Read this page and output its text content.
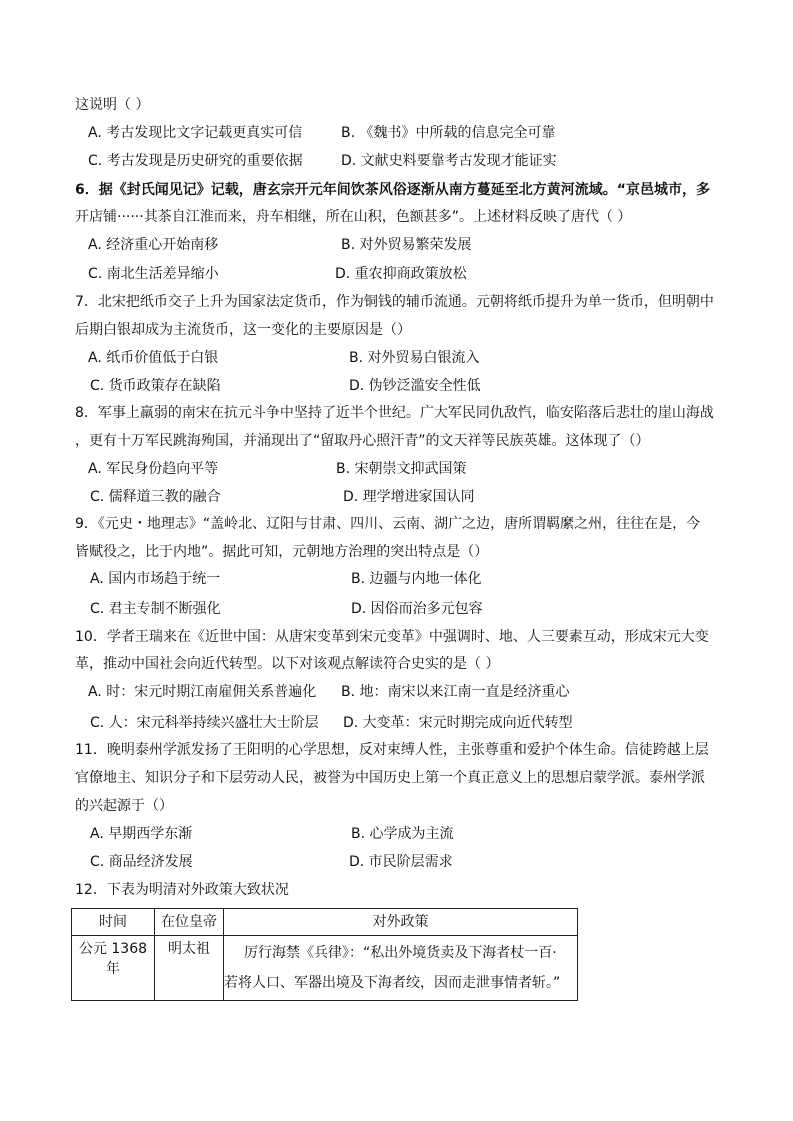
这说明（ ）
A. 考古发现比文字记载更真实可信	B. 《魏书》中所载的信息完全可靠
C. 考古发现是历史研究的重要依据	D. 文献史料要靠考古发现才能证实
6．据《封氏闻见记》记载，唐玄宗开元年间饮茶风俗逐渐从南方蔓延至北方黄河流域。“京邑城市，多
开店铺······其茶自江淮而来，舟车相继，所在山积，色额甚多”。上述材料反映了唐代（ ）
A. 经济重心开始南移	B. 对外贸易繁荣发展
C. 南北生活差异缩小	D. 重农抑商政策放松
7．北宋把纸币交子上升为国家法定货币，作为铜钱的辅币流通。元朝将纸币提升为单一货币，但明朝中
后期白银却成为主流货币，这一变化的主要原因是（）
A. 纸币价值低于白银	B. 对外贸易白银流入
C. 货币政策存在缺陷	D. 伪钞泛滥安全性低
8．军事上羸弱的南宋在抗元斗争中坚持了近半个世纪。广大军民同仇敌忾，临安陷落后悲壮的崖山海战
，更有十万军民跳海殉国，并涌现出了“留取丹心照汗青”的文天祥等民族英雄。这体现了（）
A. 军民身份趋向平等	B. 宋朝崇文抑武国策
C. 儒释道三教的融合	D. 理学增进家国认同
9．《元史・地理志》“盖岭北、辽阳与甘肃、四川、云南、湖广之边，唐所谓羁縻之州，往往在是，今
皆赋役之，比于内地”。据此可知，元朝地方治理的突出特点是（）
A. 国内市场趋于统一	B. 边疆与内地一体化
C. 君主专制不断强化	D. 因俗而治多元包容
10．学者王瑞来在《近世中国：从唐宋变革到宋元变革》中强调时、地、人三要素互动，形成宋元大变
革，推动中国社会向近代转型。以下对该观点解读符合史实的是（ ）
A. 时：宋元时期江南雇佣关系普遍化 B. 地：南宋以来江南一直是经济重心
C. 人：宋元科举持续兴盛壮大士阶层 D. 大变革：宋元时期完成向近代转型
11．晚明泰州学派发扬了王阳明的心学思想，反对束缚人性，主张尊重和爱护个体生命。信徒跨越上层
官僚地主、知识分子和下层劳动人民，被誉为中国历史上第一个真正意义上的思想启蒙学派。泰州学派
的兴起源于（）
A. 早期西学东渐	B. 心学成为主流
C. 商品经济发展	D. 市民阶层需求
12．下表为明清对外政策大致状况
时间	在位皇帝	对外政策
公元 1368 年	明太祖	厉行海禁《兵律》：“私出外境货卖及下海者杖一百·
若将人口、军器出境及下海者绞，因而走泄事情者斩。”
